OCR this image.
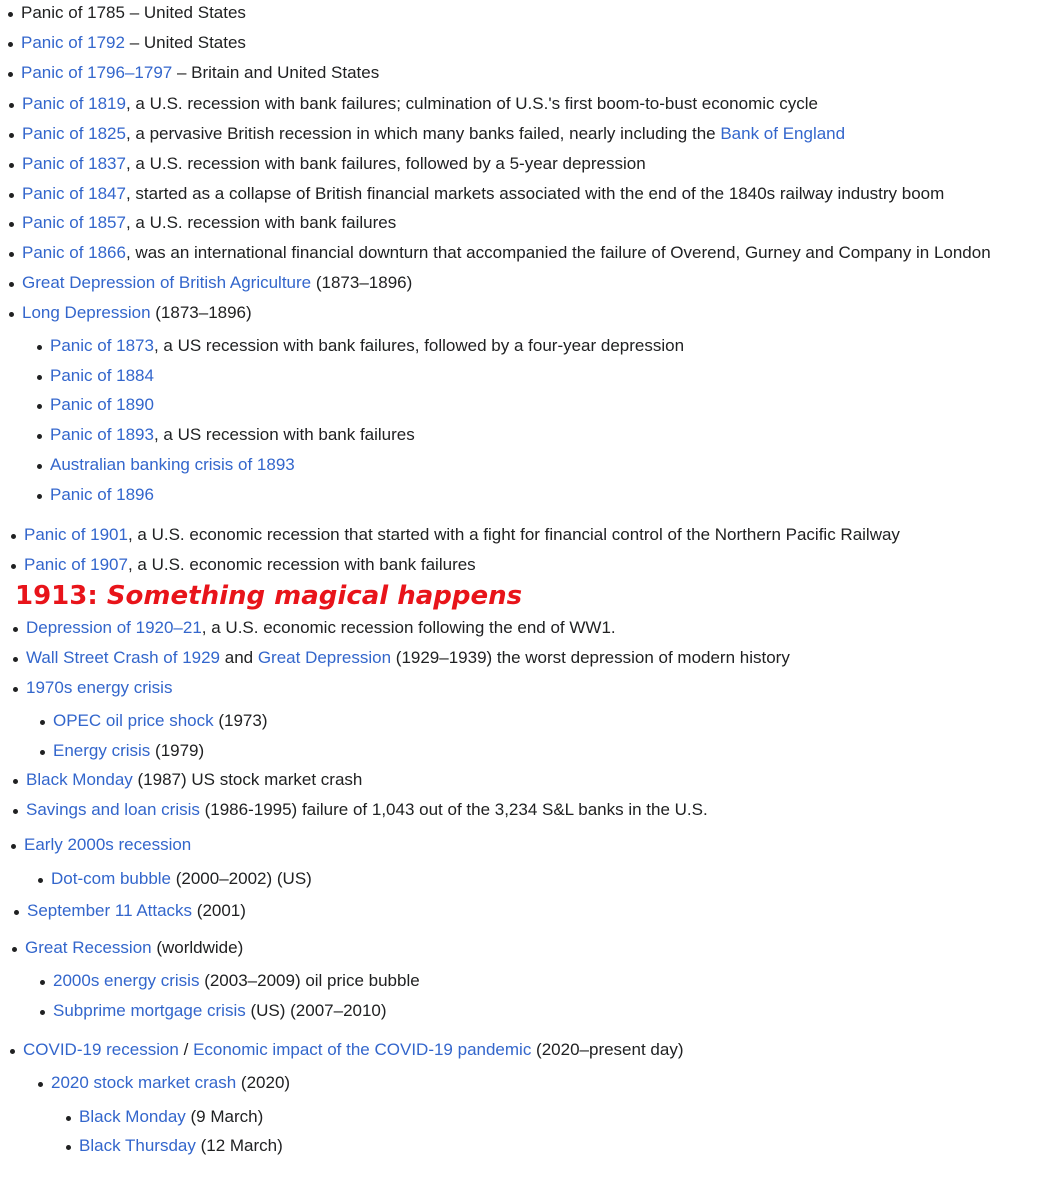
Panic of 1785 – United States
Panic of 1792 – United States
Panic of 1796–1797 – Britain and United States
Panic of 1819, a U.S. recession with bank failures; culmination of U.S.'s first boom-to-bust economic cycle
Panic of 1825, a pervasive British recession in which many banks failed, nearly including the Bank of England
Panic of 1837, a U.S. recession with bank failures, followed by a 5-year depression
Panic of 1847, started as a collapse of British financial markets associated with the end of the 1840s railway industry boom
Panic of 1857, a U.S. recession with bank failures
Panic of 1866, was an international financial downturn that accompanied the failure of Overend, Gurney and Company in London
Great Depression of British Agriculture (1873–1896)
Long Depression (1873–1896)
Panic of 1873, a US recession with bank failures, followed by a four-year depression
Panic of 1884
Panic of 1890
Panic of 1893, a US recession with bank failures
Australian banking crisis of 1893
Panic of 1896
Panic of 1901, a U.S. economic recession that started with a fight for financial control of the Northern Pacific Railway
Panic of 1907, a U.S. economic recession with bank failures
Depression of 1920–21, a U.S. economic recession following the end of WW1.
Wall Street Crash of 1929 and Great Depression (1929–1939) the worst depression of modern history
1970s energy crisis
OPEC oil price shock (1973)
Energy crisis (1979)
Black Monday (1987) US stock market crash
Savings and loan crisis (1986-1995) failure of 1,043 out of the 3,234 S&L banks in the U.S.
Early 2000s recession
Dot-com bubble (2000–2002) (US)
September 11 Attacks (2001)
Great Recession (worldwide)
2000s energy crisis (2003–2009) oil price bubble
Subprime mortgage crisis (US) (2007–2010)
COVID-19 recession / Economic impact of the COVID-19 pandemic (2020–present day)
2020 stock market crash (2020)
Black Monday (9 March)
Black Thursday (12 March)
1913: Something magical happens
